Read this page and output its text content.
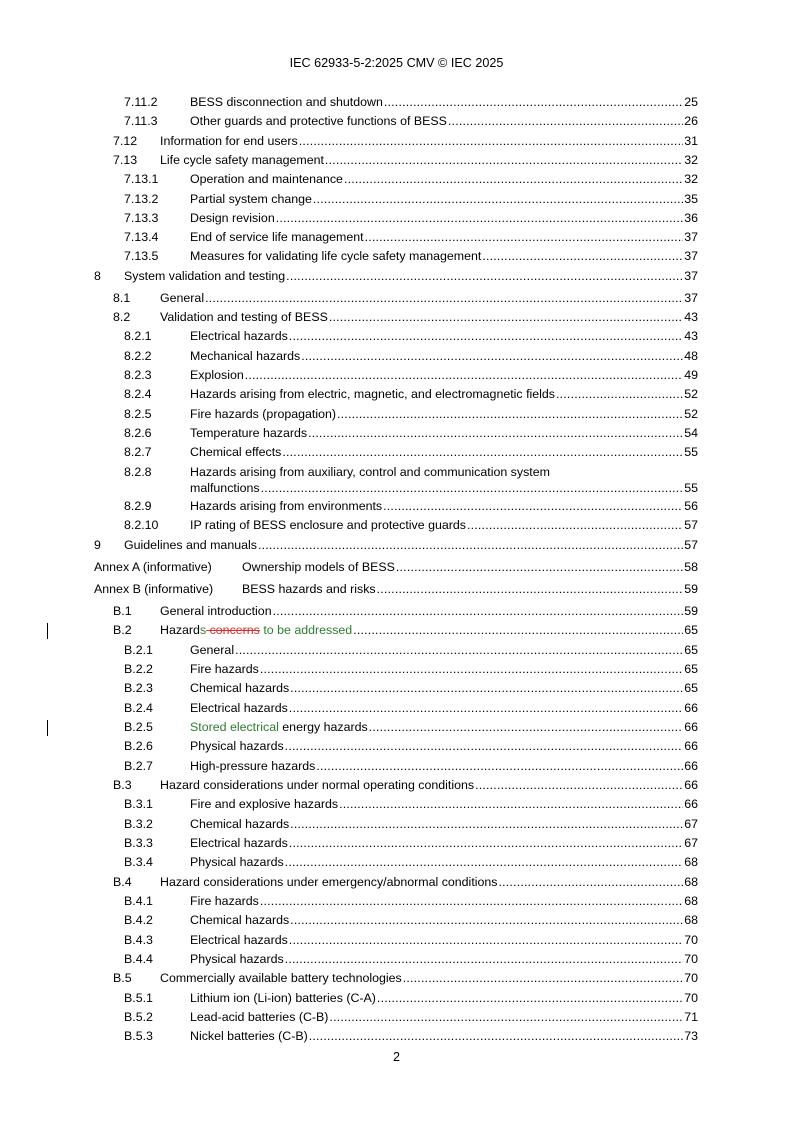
IEC 62933-5-2:2025 CMV © IEC 2025
7.11.2	BESS disconnection and shutdown .....	25
7.11.3	Other guards and protective functions of BESS .....	26
7.12 Information for end users .....	31
7.13 Life cycle safety management .....	32
7.13.1	Operation and maintenance .....	32
7.13.2	Partial system change .....	35
7.13.3	Design revision .....	36
7.13.4	End of service life management .....	37
7.13.5	Measures for validating life cycle safety management .....	37
8 System validation and testing .....	37
8.1 General .....	37
8.2 Validation and testing of BESS .....	43
8.2.1	Electrical hazards .....	43
8.2.2	Mechanical hazards .....	48
8.2.3	Explosion .....	49
8.2.4	Hazards arising from electric, magnetic, and electromagnetic fields .....	52
8.2.5	Fire hazards (propagation) .....	52
8.2.6	Temperature hazards .....	54
8.2.7	Chemical effects .....	55
8.2.8	Hazards arising from auxiliary, control and communication system
malfunctions .....	55
8.2.9	Hazards arising from environments .....	56
8.2.10	IP rating of BESS enclosure and protective guards .....	57
9 Guidelines and manuals .....	57
Annex A (informative) Ownership models of BESS .....	58
Annex B (informative) BESS hazards and risks .....	59
B.1 General introduction .....	59
B.2 Hazards concerns to be addressed .....	65
B.2.1	General .....	65
B.2.2	Fire hazards .....	65
B.2.3	Chemical hazards .....	65
B.2.4	Electrical hazards .....	66
B.2.5	Stored electrical energy hazards .....	66
B.2.6	Physical hazards .....	66
B.2.7	High-pressure hazards .....	66
B.3 Hazard considerations under normal operating conditions .....	66
B.3.1	Fire and explosive hazards .....	66
B.3.2	Chemical hazards .....	67
B.3.3	Electrical hazards .....	67
B.3.4	Physical hazards .....	68
B.4 Hazard considerations under emergency/abnormal conditions .....	68
B.4.1	Fire hazards .....	68
B.4.2	Chemical hazards .....	68
B.4.3	Electrical hazards .....	70
B.4.4	Physical hazards .....	70
B.5 Commercially available battery technologies .....	70
B.5.1	Lithium ion (Li-ion) batteries (C-A) .....	70
B.5.2	Lead-acid batteries (C-B) .....	71
B.5.3	Nickel batteries (C-B) .....	73
2
